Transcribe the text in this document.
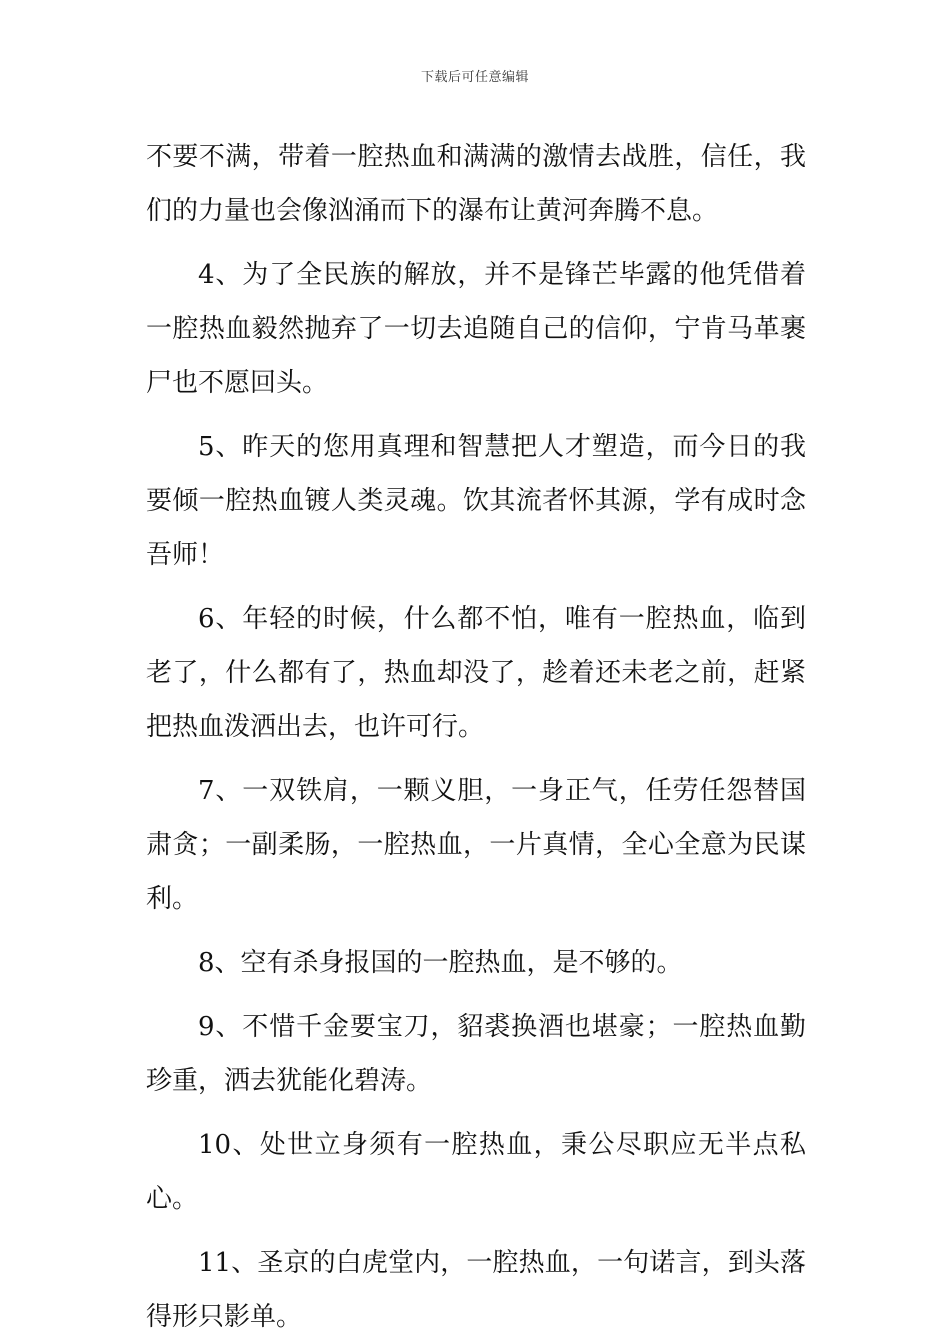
下载后可任意编辑

不要不满，带着一腔热血和满满的激情去战胜，信任，我们的力量也会像汹涌而下的瀑布让黄河奔腾不息。

4、为了全民族的解放，并不是锋芒毕露的他凭借着一腔热血毅然抛弃了一切去追随自己的信仰，宁肯马革裹尸也不愿回头。

5、昨天的您用真理和智慧把人才塑造，而今日的我要倾一腔热血镀人类灵魂。饮其流者怀其源，学有成时念吾师！

6、年轻的时候，什么都不怕，唯有一腔热血，临到老了，什么都有了，热血却没了，趁着还未老之前，赶紧把热血泼洒出去，也许可行。

7、一双铁肩，一颗义胆，一身正气，任劳任怨替国肃贪；一副柔肠，一腔热血，一片真情，全心全意为民谋利。

8、空有杀身报国的一腔热血，是不够的。

9、不惜千金要宝刀，貂裘换酒也堪豪；一腔热血勤珍重，洒去犹能化碧涛。

10、处世立身须有一腔热血，秉公尽职应无半点私心。

11、圣京的白虎堂内，一腔热血，一句诺言，到头落得形只影单。
